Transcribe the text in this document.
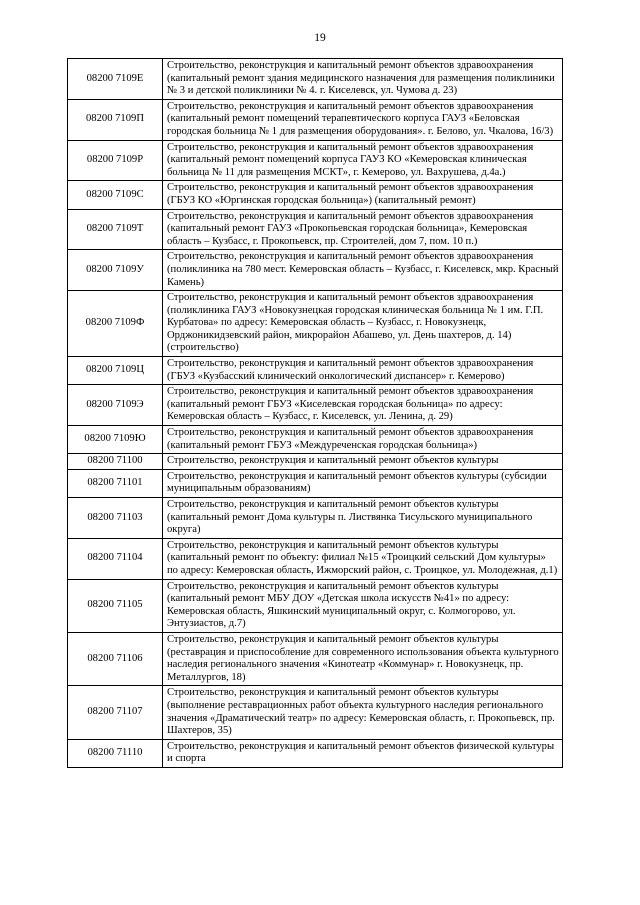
19
08200 7109Е	Строительство, реконструкция и капитальный ремонт объектов здравоохранения (капитальный ремонт здания медицинского назначения для размещения поликлиники № 3 и детской поликлиники № 4. г. Киселевск, ул. Чумова д. 23)
08200 7109П	Строительство, реконструкция и капитальный ремонт объектов здравоохранения (капитальный ремонт помещений терапевтического корпуса ГАУЗ «Беловская городская больница № 1 для размещения оборудования». г. Белово, ул. Чкалова, 16/3)
08200 7109Р	Строительство, реконструкция и капитальный ремонт объектов здравоохранения (капитальный ремонт помещений корпуса ГАУЗ КО «Кемеровская клиническая больница № 11 для размещения МСКТ», г. Кемерово, ул. Вахрушева, д.4а.)
08200 7109С	Строительство, реконструкция и капитальный ремонт объектов здравоохранения (ГБУЗ КО «Юргинская городская больница») (капитальный ремонт)
08200 7109Т	Строительство, реконструкция и капитальный ремонт объектов здравоохранения (капитальный ремонт ГАУЗ «Прокопьевская городская больница», Кемеровская область – Кузбасс, г. Прокопьевск, пр. Строителей, дом 7, пом. 10 п.)
08200 7109У	Строительство, реконструкция и капитальный ремонт объектов здравоохранения (поликлиника на 780 мест. Кемеровская область – Кузбасс, г. Киселевск, мкр. Красный Камень)
08200 7109Ф	Строительство, реконструкция и капитальный ремонт объектов здравоохранения (поликлиника ГАУЗ «Новокузнецкая городская клиническая больница № 1 им. Г.П. Курбатова» по адресу: Кемеровская область – Кузбасс, г. Новокузнецк, Орджоникидзевский район, микрорайон Абашево, ул. День шахтеров, д. 14) (строительство)
08200 7109Ц	Строительство, реконструкция и капитальный ремонт объектов здравоохранения (ГБУЗ «Кузбасский клинический онкологический диспансер» г. Кемерово)
08200 7109Э	Строительство, реконструкция и капитальный ремонт объектов здравоохранения (капитальный ремонт ГБУЗ «Киселевская городская больница» по адресу: Кемеровская область – Кузбасс, г. Киселевск, ул. Ленина, д. 29)
08200 7109Ю	Строительство, реконструкция и капитальный ремонт объектов здравоохранения (капитальный ремонт ГБУЗ «Междуреченская городская больница»)
08200 71100	Строительство, реконструкция и капитальный ремонт объектов культуры
08200 71101	Строительство, реконструкция и капитальный ремонт объектов культуры (субсидии муниципальным образованиям)
08200 71103	Строительство, реконструкция и капитальный ремонт объектов культуры (капитальный ремонт Дома культуры п. Листвянка Тисульского муниципального округа)
08200 71104	Строительство, реконструкция и капитальный ремонт объектов культуры (капитальный ремонт по объекту: филиал №15 «Троицкий сельский Дом культуры» по адресу: Кемеровская область, Ижморский район, с. Троицкое, ул. Молодежная, д.1)
08200 71105	Строительство, реконструкция и капитальный ремонт объектов культуры (капитальный ремонт МБУ ДОУ «Детская школа искусств №41» по адресу: Кемеровская область, Яшкинский муниципальный округ, с. Колмогорово, ул. Энтузиастов, д.7)
08200 71106	Строительство, реконструкция и капитальный ремонт объектов культуры (реставрация и приспособление для современного использования объекта культурного наследия регионального значения «Кинотеатр «Коммунар» г. Новокузнецк, пр. Металлургов, 18)
08200 71107	Строительство, реконструкция и капитальный ремонт объектов культуры (выполнение реставрационных работ объекта культурного наследия регионального значения «Драматический театр» по адресу: Кемеровская область, г. Прокопьевск, пр. Шахтеров, 35)
08200 71110	Строительство, реконструкция и капитальный ремонт объектов физической культуры и спорта
